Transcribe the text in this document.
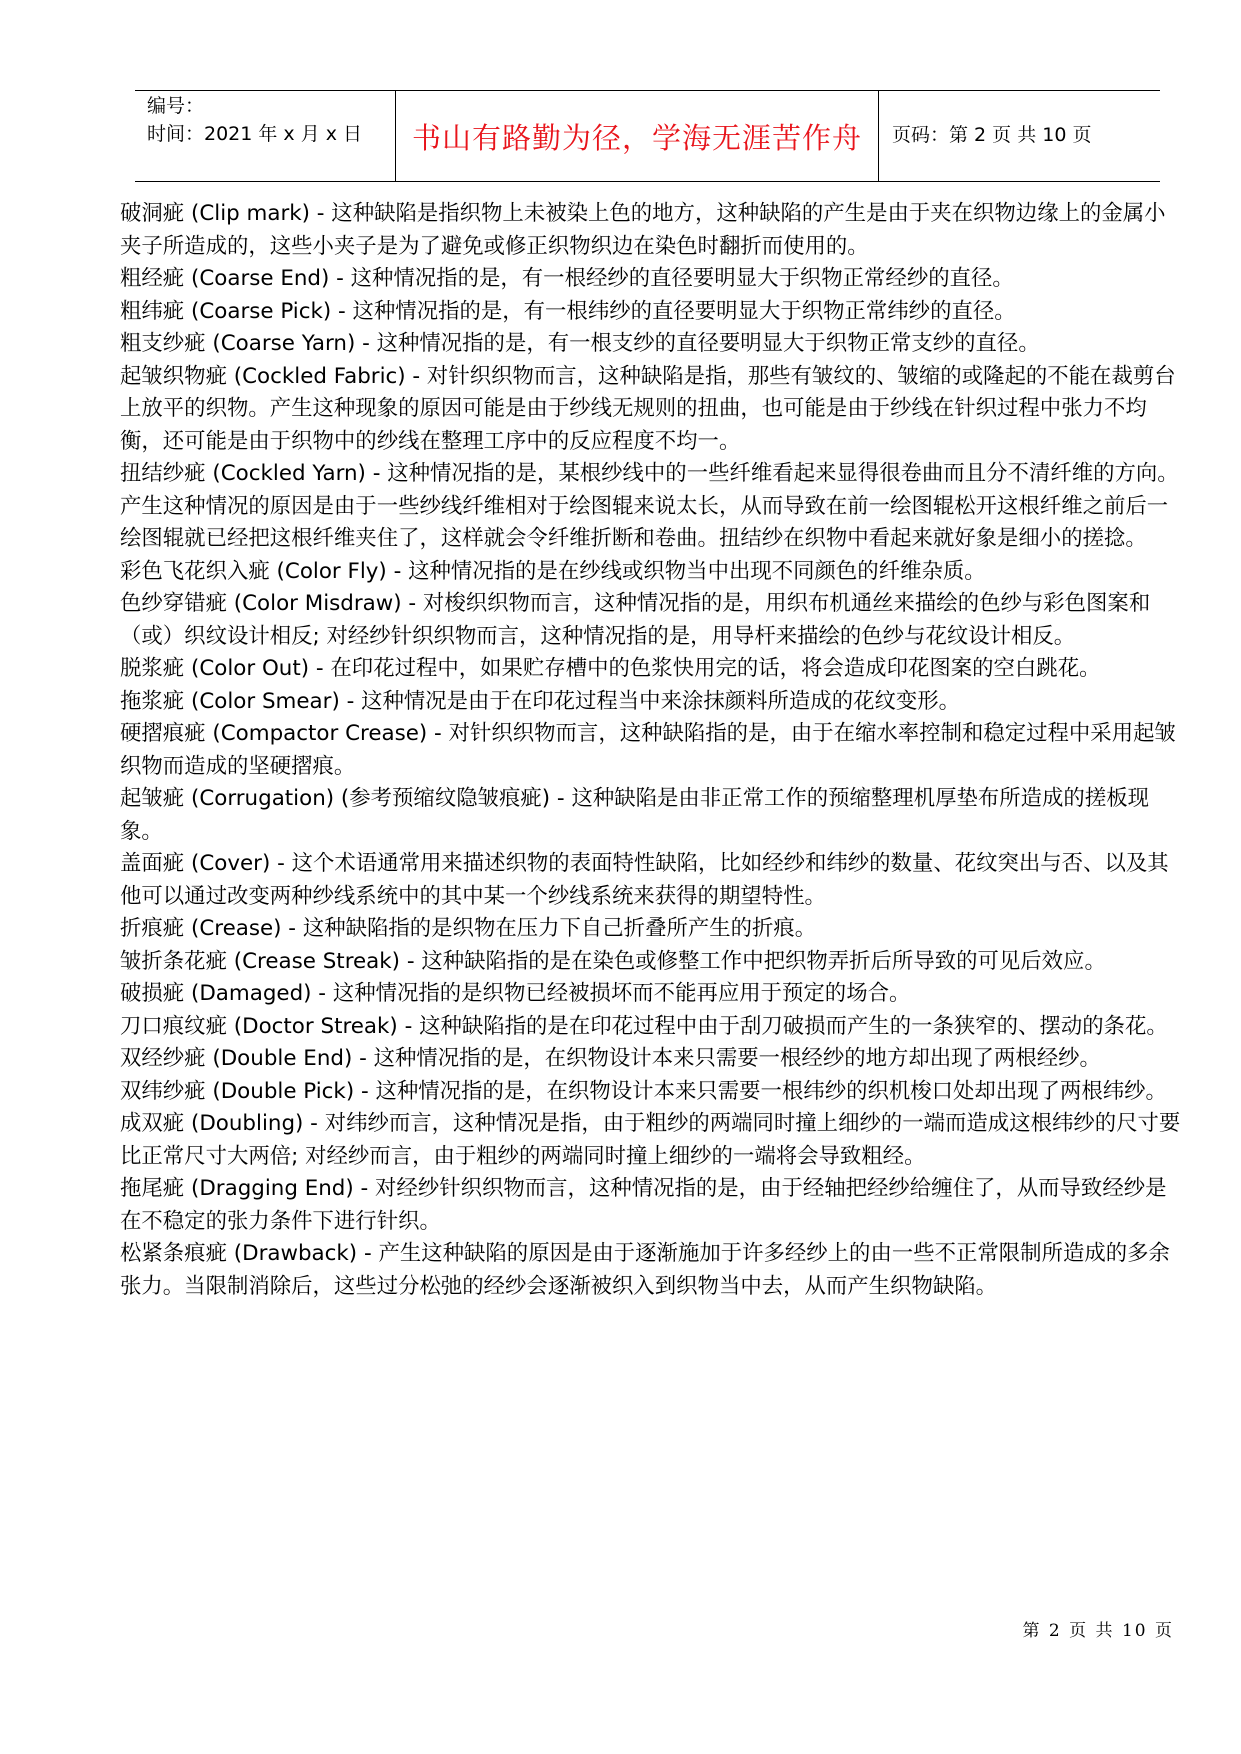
编号：
时间：2021 年 x 月 x 日	书山有路勤为径，学海无涯苦作舟	页码：第 2 页 共 10 页

破洞疵 (Clip mark) - 这种缺陷是指织物上未被染上色的地方，这种缺陷的产生是由于夹在织物边缘上的金属小夹子所造成的，这些小夹子是为了避免或修正织物织边在染色时翻折而使用的。

粗经疵 (Coarse End) - 这种情况指的是，有一根经纱的直径要明显大于织物正常经纱的直径。

粗纬疵 (Coarse Pick) - 这种情况指的是，有一根纬纱的直径要明显大于织物正常纬纱的直径。

粗支纱疵 (Coarse Yarn) - 这种情况指的是，有一根支纱的直径要明显大于织物正常支纱的直径。

起皱织物疵 (Cockled Fabric) - 对针织织物而言，这种缺陷是指，那些有皱纹的、皱缩的或隆起的不能在裁剪台上放平的织物。产生这种现象的原因可能是由于纱线无规则的扭曲，也可能是由于纱线在针织过程中张力不均衡，还可能是由于织物中的纱线在整理工序中的反应程度不均一。

扭结纱疵 (Cockled Yarn) - 这种情况指的是，某根纱线中的一些纤维看起来显得很卷曲而且分不清纤维的方向。产生这种情况的原因是由于一些纱线纤维相对于绘图辊来说太长，从而导致在前一绘图辊松开这根纤维之前后一绘图辊就已经把这根纤维夹住了，这样就会令纤维折断和卷曲。扭结纱在织物中看起来就好象是细小的搓捻。

彩色飞花织入疵 (Color Fly) - 这种情况指的是在纱线或织物当中出现不同颜色的纤维杂质。

色纱穿错疵 (Color Misdraw) - 对梭织织物而言，这种情况指的是，用织布机通丝来描绘的色纱与彩色图案和（或）织纹设计相反; 对经纱针织织物而言，这种情况指的是，用导杆来描绘的色纱与花纹设计相反。

脱浆疵 (Color Out) - 在印花过程中，如果贮存槽中的色浆快用完的话，将会造成印花图案的空白跳花。

拖浆疵 (Color Smear) - 这种情况是由于在印花过程当中来涂抹颜料所造成的花纹变形。

硬摺痕疵 (Compactor Crease) - 对针织织物而言，这种缺陷指的是，由于在缩水率控制和稳定过程中采用起皱织物而造成的坚硬摺痕。

起皱疵 (Corrugation) (参考预缩纹隐皱痕疵) - 这种缺陷是由非正常工作的预缩整理机厚垫布所造成的搓板现象。

盖面疵 (Cover) - 这个术语通常用来描述织物的表面特性缺陷，比如经纱和纬纱的数量、花纹突出与否、以及其他可以通过改变两种纱线系统中的其中某一个纱线系统来获得的期望特性。

折痕疵 (Crease) - 这种缺陷指的是织物在压力下自己折叠所产生的折痕。

皱折条花疵 (Crease Streak) - 这种缺陷指的是在染色或修整工作中把织物弄折后所导致的可见后效应。

破损疵 (Damaged) - 这种情况指的是织物已经被损坏而不能再应用于预定的场合。

刀口痕纹疵 (Doctor Streak) - 这种缺陷指的是在印花过程中由于刮刀破损而产生的一条狭窄的、摆动的条花。

双经纱疵 (Double End) - 这种情况指的是，在织物设计本来只需要一根经纱的地方却出现了两根经纱。

双纬纱疵 (Double Pick) - 这种情况指的是，在织物设计本来只需要一根纬纱的织机梭口处却出现了两根纬纱。

成双疵 (Doubling) - 对纬纱而言，这种情况是指，由于粗纱的两端同时撞上细纱的一端而造成这根纬纱的尺寸要比正常尺寸大两倍; 对经纱而言，由于粗纱的两端同时撞上细纱的一端将会导致粗经。

拖尾疵 (Dragging End) - 对经纱针织织物而言，这种情况指的是，由于经轴把经纱给缠住了，从而导致经纱是在不稳定的张力条件下进行针织。

松紧条痕疵 (Drawback) - 产生这种缺陷的原因是由于逐渐施加于许多经纱上的由一些不正常限制所造成的多余张力。当限制消除后，这些过分松弛的经纱会逐渐被织入到织物当中去，从而产生织物缺陷。

第 2 页 共 10 页
